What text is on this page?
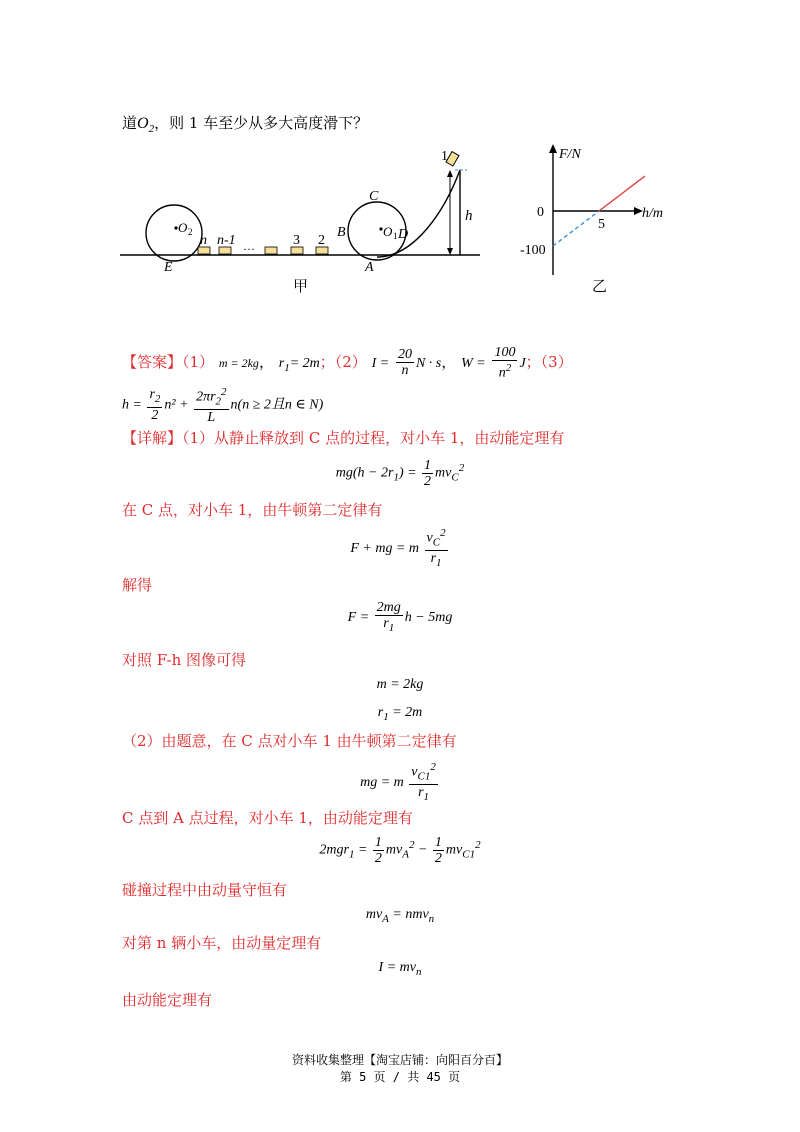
道$O_2$，则 1 车至少从多大高度滑下？
1
C
O 1 D
B
A
h
O 2
E
n n-1 …	3 2
甲
F/N
h/m
0
5
-100
乙
【答案】（1） m = 2kg， $r_1= 2m$；（2） $I = \frac{20}{n}$ N · s， $W = \frac{100}{n^2}$ J；（3）
$h = \frac{r_2}{2} n^2 + \frac{2\pi r_2^2}{L} n(n \ge 2$且n ∈ N)
【详解】（1）从静止释放到 C 点的过程，对小车 1，由动能定理有
$mg(h - 2r_1) = \frac{1}{2} mv_C^2$
在 C 点，对小车 1，由牛顿第二定律有
F + mg = m $\frac{v_C^2}{r_1}$
解得
$F = \frac{2mg}{r_1}$ h − 5mg
对照 F-h 图像可得
m = 2kg
$r_1 = 2m$
（2）由题意，在 C 点对小车 1 由牛顿第二定律有
mg = m $\frac{v_{C1}^2}{r_1}$
C 点到 A 点过程，对小车 1，由动能定理有
$2mgr_1 = \frac{1}{2} mv_A^2 - \frac{1}{2} mv_{C1}^2$
碰撞过程中由动量守恒有
$mv_A = nmv_n$
对第 n 辆小车，由动量定理有
$I = mv_n$
由动能定理有
资料收集整理【淘宝店铺：向阳百分百】
第 5 页 / 共 45 页
